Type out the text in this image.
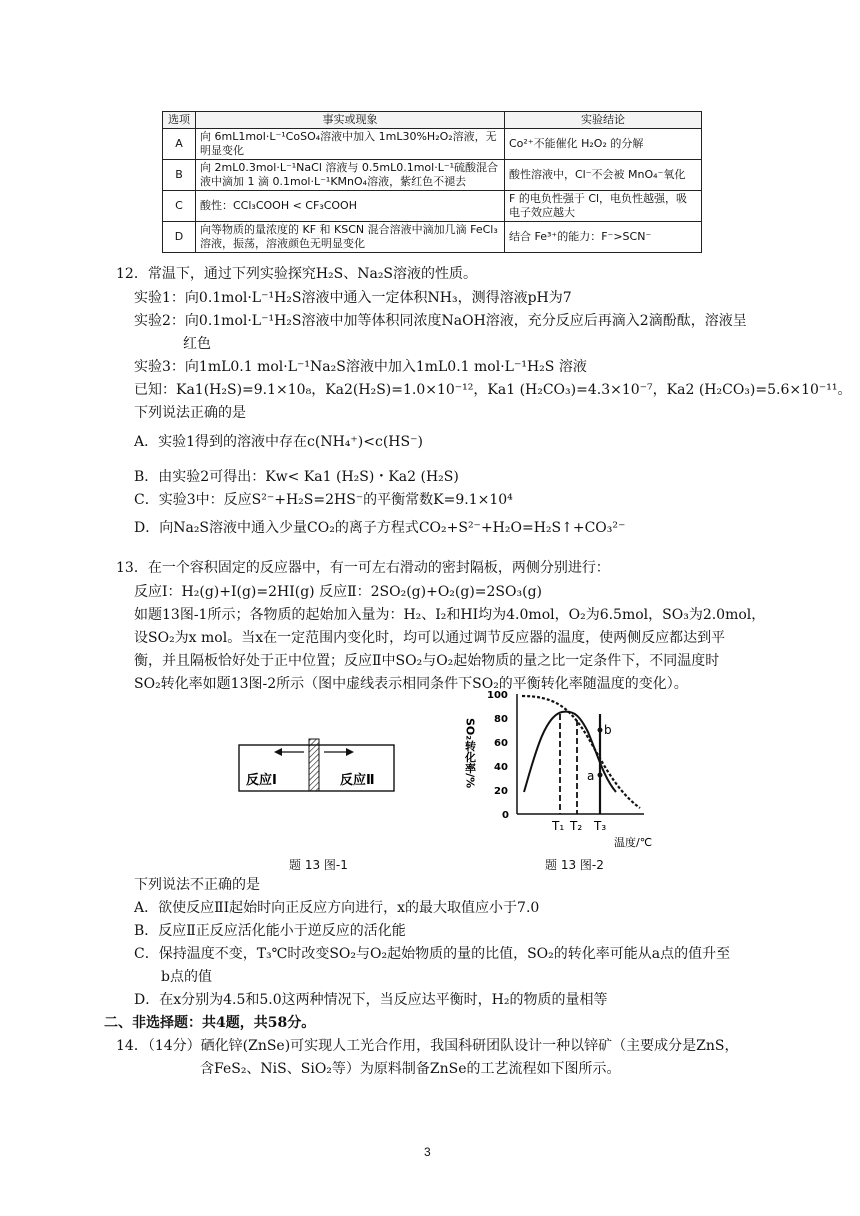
选项	事实或现象	实验结论
A	向 6mL1mol·L⁻¹CoSO₄溶液中加入 1mL30%H₂O₂溶液，无明显变化	Co²⁺不能催化 H₂O₂ 的分解
B	向 2mL0.3mol·L⁻¹NaCl 溶液与 0.5mL0.1mol·L⁻¹硫酸混合液中滴加 1 滴 0.1mol·L⁻¹KMnO₄溶液，紫红色不褪去	酸性溶液中，Cl⁻不会被 MnO₄⁻氧化
C	酸性：CCl₃COOH < CF₃COOH	F 的电负性强于 Cl，电负性越强，吸电子效应越大
D	向等物质的量浓度的 KF 和 KSCN 混合溶液中滴加几滴 FeCl₃ 溶液，振荡，溶液颜色无明显变化	结合 Fe³⁺的能力：F⁻>SCN⁻
12．常温下，通过下列实验探究H₂S、Na₂S溶液的性质。
实验1：向0.1mol·L⁻¹H₂S溶液中通入一定体积NH₃，测得溶液pH为7
实验2：向0.1mol·L⁻¹H₂S溶液中加等体积同浓度NaOH溶液，充分反应后再滴入2滴酚酞，溶液呈
红色
实验3：向1mL0.1 mol·L⁻¹Na₂S溶液中加入1mL0.1 mol·L⁻¹H₂S 溶液
已知：Ka1(H₂S)=9.1×10₈，Ka2(H₂S)=1.0×10⁻¹²，Ka1 (H₂CO₃)=4.3×10⁻⁷，Ka2 (H₂CO₃)=5.6×10⁻¹¹。
下列说法正确的是
A．实验1得到的溶液中存在c(NH₄⁺)<c(HS⁻)
B．由实验2可得出：Kw< Ka1 (H₂S)・Ka2 (H₂S)
C．实验3中：反应S²⁻+H₂S=2HS⁻的平衡常数K=9.1×10⁴
D．向Na₂S溶液中通入少量CO₂的离子方程式CO₂+S²⁻+H₂O=H₂S↑+CO₃²⁻
13．在一个容积固定的反应器中，有一可左右滑动的密封隔板，两侧分别进行：
反应Ⅰ：H₂(g)+I(g)=2HI(g) 反应Ⅱ：2SO₂(g)+O₂(g)=2SO₃(g)
如题13图-1所示；各物质的起始加入量为：H₂、I₂和HI均为4.0mol，O₂为6.5mol，SO₃为2.0mol，
设SO₂为x mol。当x在一定范围内变化时，均可以通过调节反应器的温度，使两侧反应都达到平
衡，并且隔板恰好处于正中位置；反应Ⅱ中SO₂与O₂起始物质的量之比一定条件下，不同温度时
SO₂转化率如题13图-2所示（图中虚线表示相同条件下SO₂的平衡转化率随温度的变化）。
反应Ⅰ	反应Ⅱ
题 13 图-1
100
80
60
40
20
0
SO₂转化率/%	b
a
T₁ T₂ T₃
温度/℃
题 13 图-2
下列说法不正确的是
A．欲使反应ⅡI起始时向正反应方向进行，x的最大取值应小于7.0
B．反应Ⅱ正反应活化能小于逆反应的活化能
C．保持温度不变，T₃℃时改变SO₂与O₂起始物质的量的比值，SO₂的转化率可能从a点的值升至
b点的值
D．在x分别为4.5和5.0这两种情况下，当反应达平衡时，H₂的物质的量相等
二、非选择题：共4题，共58分。
14．（14分）硒化锌(ZnSe)可实现人工光合作用，我国科研团队设计一种以锌矿（主要成分是ZnS，
含FeS₂、NiS、SiO₂等）为原料制备ZnSe的工艺流程如下图所示。
3
